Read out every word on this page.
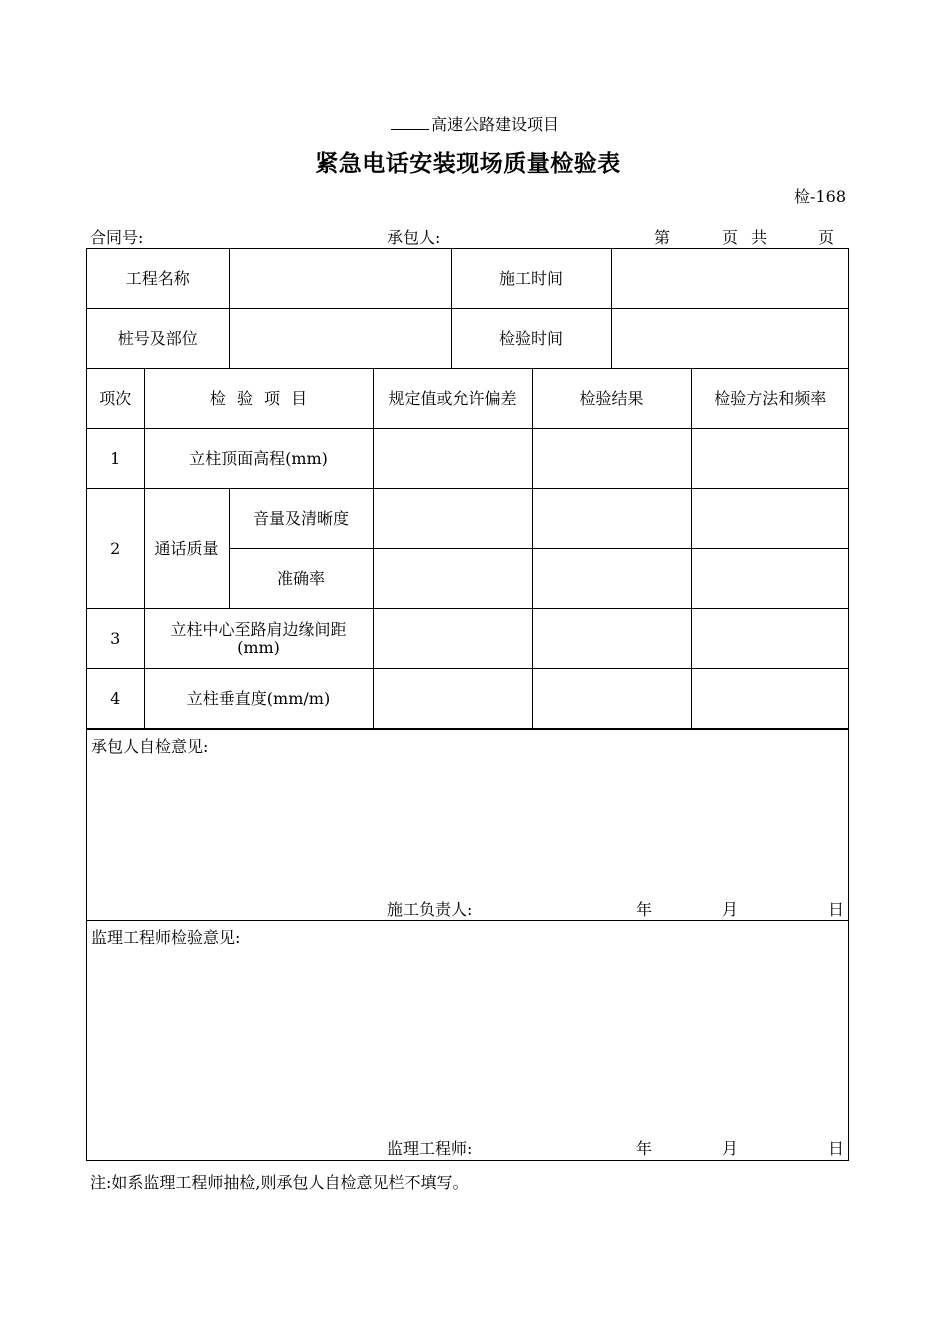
高速公路建设项目
紧急电话安装现场质量检验表
检-168
合同号:	承包人:	第	页 共	页
工程名称		施工时间	
桩号及部位		检验时间	
项次	检 验 项 目		规定值或允许偏差	检验结果	检验方法和频率
1	立柱顶面高程(mm)				
2	通话质量	音量及清晰度			
		准确率			
3	立柱中心至路肩边缘间距(mm)				
4	立柱垂直度(mm/m)				
承包人自检意见:
施工负责人:	年	月	日
监理工程师检验意见:
监理工程师:	年	月	日
注:如系监理工程师抽检,则承包人自检意见栏不填写。
